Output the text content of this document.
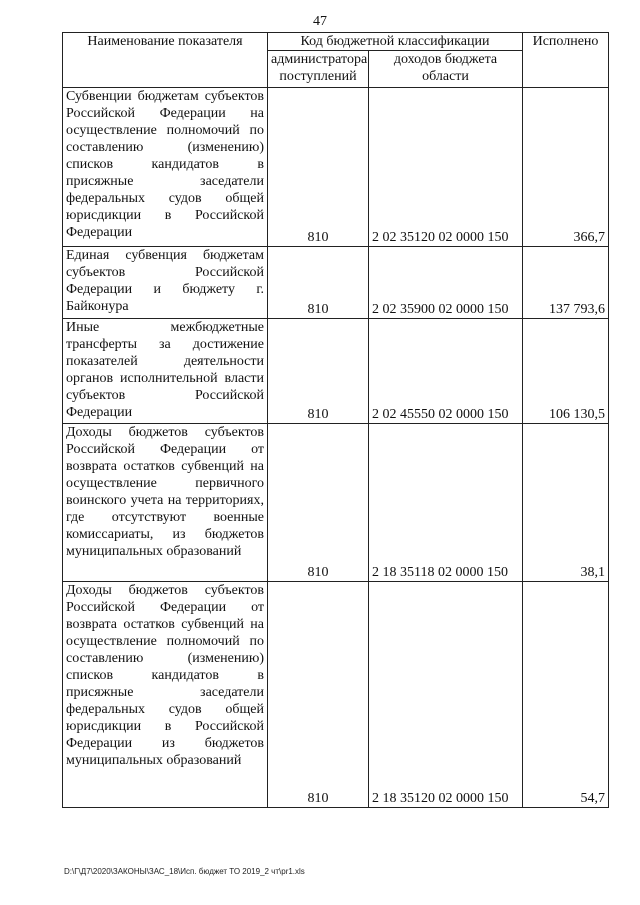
47
Наименование показателя	Код бюджетной классификации		Исполнено
	администратора поступлений	доходов бюджета области	
Субвенции бюджетам субъектов Российской Федерации на осуществление полномочий по составлению (изменению) списков кандидатов в присяжные заседатели федеральных судов общей юрисдикции в Российской Федерации	810	2 02 35120 02 0000 150	366,7
Единая субвенция бюджетам субъектов Российской Федерации и бюджету г. Байконура	810	2 02 35900 02 0000 150	137 793,6
Иные межбюджетные трансферты за достижение показателей деятельности органов исполнительной власти субъектов Российской Федерации	810	2 02 45550 02 0000 150	106 130,5
Доходы бюджетов субъектов Российской Федерации от возврата остатков субвенций на осуществление первичного воинского учета на территориях, где отсутствуют военные комиссариаты, из бюджетов муниципальных образований	810	2 18 35118 02 0000 150	38,1
Доходы бюджетов субъектов Российской Федерации от возврата остатков субвенций на осуществление полномочий по составлению (изменению) списков кандидатов в присяжные заседатели федеральных судов общей юрисдикции в Российской Федерации из бюджетов муниципальных образований	810	2 18 35120 02 0000 150	54,7
D:\Г\Д7\2020\ЗАКОНЫ\ЗАС_18\Исп. бюджет ТО 2019_2 чт\pr1.xls
